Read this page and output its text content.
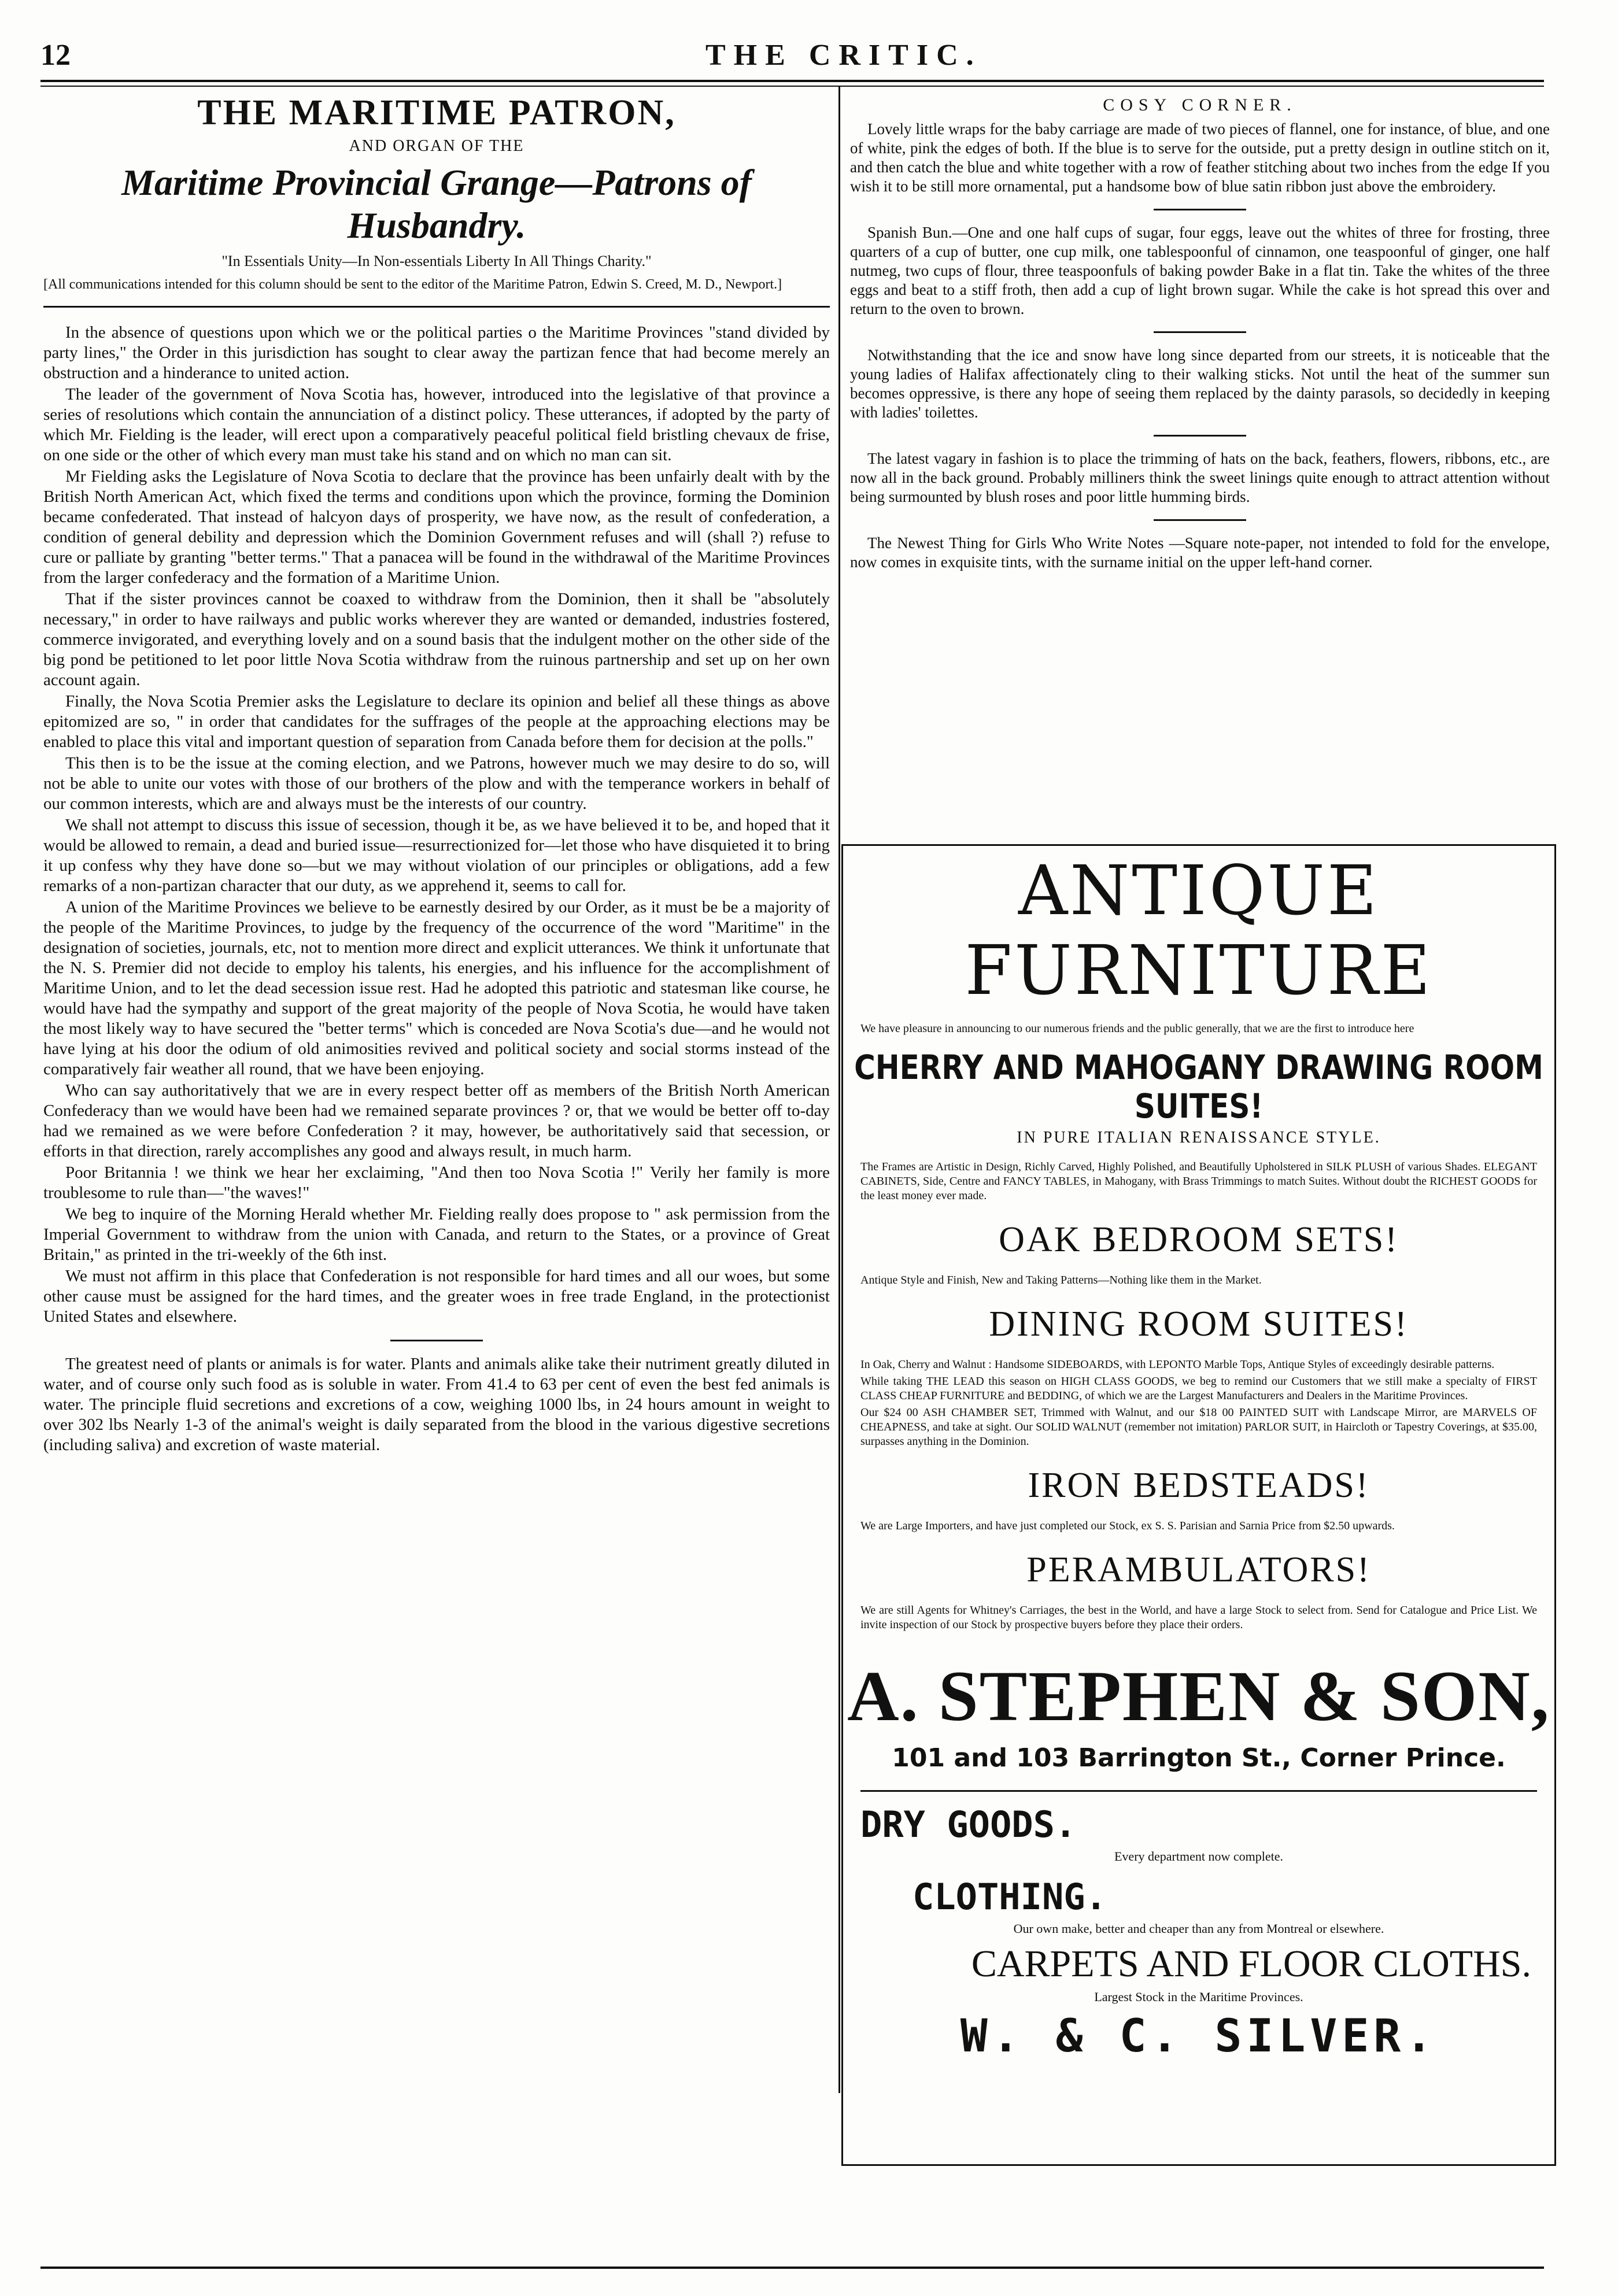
12	THE CRITIC.
THE MARITIME PATRON,
AND ORGAN OF THE
Maritime Provincial Grange—Patrons of Husbandry.
"In Essentials Unity—In Non-essentials Liberty In All Things Charity."
[All communications intended for this column should be sent to the editor of the Maritime Patron, Edwin S. Creed, M. D., Newport.]

In the absence of questions upon which we or the political parties o the Maritime Provinces "stand divided by party lines," the Order in this jurisdiction has sought to clear away the partizan fence that had become merely an obstruction and a hinderance to united action.

The leader of the government of Nova Scotia has, however, introduced into the legislative of that province a series of resolutions which contain the annunciation of a distinct policy. These utterances, if adopted by the party of which Mr. Fielding is the leader, will erect upon a comparatively peaceful political field bristling chevaux de frise, on one side or the other of which every man must take his stand and on which no man can sit.

Mr Fielding asks the Legislature of Nova Scotia to declare that the province has been unfairly dealt with by the British North American Act, which fixed the terms and conditions upon which the province, forming the Dominion became confederated. That instead of halcyon days of prosperity, we have now, as the result of confederation, a condition of general debility and depression which the Dominion Government refuses and will (shall ?) refuse to cure or palliate by granting "better terms." That a panacea will be found in the withdrawal of the Maritime Provinces from the larger confederacy and the formation of a Maritime Union.

That if the sister provinces cannot be coaxed to withdraw from the Dominion, then it shall be "absolutely necessary," in order to have railways and public works wherever they are wanted or demanded, industries fostered, commerce invigorated, and everything lovely and on a sound basis that the indulgent mother on the other side of the big pond be petitioned to let poor little Nova Scotia withdraw from the ruinous partnership and set up on her own account again.

Finally, the Nova Scotia Premier asks the Legislature to declare its opinion and belief all these things as above epitomized are so, " in order that candidates for the suffrages of the people at the approaching elections may be enabled to place this vital and important question of separation from Canada before them for decision at the polls."

This then is to be the issue at the coming election, and we Patrons, however much we may desire to do so, will not be able to unite our votes with those of our brothers of the plow and with the temperance workers in behalf of our common interests, which are and always must be the interests of our country.

We shall not attempt to discuss this issue of secession, though it be, as we have believed it to be, and hoped that it would be allowed to remain, a dead and buried issue—resurrectionized for—let those who have disquieted it to bring it up confess why they have done so—but we may without violation of our principles or obligations, add a few remarks of a non-partizan character that our duty, as we apprehend it, seems to call for.

A union of the Maritime Provinces we believe to be earnestly desired by our Order, as it must be be a majority of the people of the Maritime Provinces, to judge by the frequency of the occurrence of the word "Maritime" in the designation of societies, journals, etc, not to mention more direct and explicit utterances. We think it unfortunate that the N. S. Premier did not decide to employ his talents, his energies, and his influence for the accomplishment of Maritime Union, and to let the dead secession issue rest. Had he adopted this patriotic and statesman like course, he would have had the sympathy and support of the great majority of the people of Nova Scotia, he would have taken the most likely way to have secured the "better terms" which is conceded are Nova Scotia's due—and he would not have lying at his door the odium of old animosities revived and political society and social storms instead of the comparatively fair weather all round, that we have been enjoying.

Who can say authoritatively that we are in every respect better off as members of the British North American Confederacy than we would have been had we remained separate provinces ? or, that we would be better off to-day had we remained as we were before Confederation ? it may, however, be authoritatively said that secession, or efforts in that direction, rarely accomplishes any good and always result, in much harm.

Poor Britannia ! we think we hear her exclaiming, "And then too Nova Scotia !" Verily her family is more troublesome to rule than—"the waves!"

We beg to inquire of the Morning Herald whether Mr. Fielding really does propose to " ask permission from the Imperial Government to withdraw from the union with Canada, and return to the States, or a province of Great Britain," as printed in the tri-weekly of the 6th inst.

We must not affirm in this place that Confederation is not responsible for hard times and all our woes, but some other cause must be assigned for the hard times, and the greater woes in free trade England, in the protectionist United States and elsewhere.

The greatest need of plants or animals is for water. Plants and animals alike take their nutriment greatly diluted in water, and of course only such food as is soluble in water. From 41.4 to 63 per cent of even the best fed animals is water. The principle fluid secretions and excretions of a cow, weighing 1000 lbs, in 24 hours amount in weight to over 302 lbs Nearly 1-3 of the animal's weight is daily separated from the blood in the various digestive secretions (including saliva) and excretion of waste material.

COSY CORNER.

Lovely little wraps for the baby carriage are made of two pieces of flannel, one for instance, of blue, and one of white, pink the edges of both. If the blue is to serve for the outside, put a pretty design in outline stitch on it, and then catch the blue and white together with a row of feather stitching about two inches from the edge If you wish it to be still more ornamental, put a handsome bow of blue satin ribbon just above the embroidery.

Spanish Bun.—One and one half cups of sugar, four eggs, leave out the whites of three for frosting, three quarters of a cup of butter, one cup milk, one tablespoonful of cinnamon, one teaspoonful of ginger, one half nutmeg, two cups of flour, three teaspoonfuls of baking powder Bake in a flat tin. Take the whites of the three eggs and beat to a stiff froth, then add a cup of light brown sugar. While the cake is hot spread this over and return to the oven to brown.

Notwithstanding that the ice and snow have long since departed from our streets, it is noticeable that the young ladies of Halifax affectionately cling to their walking sticks. Not until the heat of the summer sun becomes oppressive, is there any hope of seeing them replaced by the dainty parasols, so decidedly in keeping with ladies' toilettes.

The latest vagary in fashion is to place the trimming of hats on the back, feathers, flowers, ribbons, etc., are now all in the back ground. Probably milliners think the sweet linings quite enough to attract attention without being surmounted by blush roses and poor little humming birds.

The Newest Thing for Girls Who Write Notes —Square note-paper, not intended to fold for the envelope, now comes in exquisite tints, with the surname initial on the upper left-hand corner.

ANTIQUE FURNITURE
We have pleasure in announcing to our numerous friends and the public generally, that we are the first to introduce here
CHERRY AND MAHOGANY DRAWING ROOM SUITES!
IN PURE ITALIAN RENAISSANCE STYLE.
The Frames are Artistic in Design, Richly Carved, Highly Polished, and Beautifully Upholstered in SILK PLUSH of various Shades. ELEGANT CABINETS, Side, Centre and FANCY TABLES, in Mahogany, with Brass Trimmings to match Suites. Without doubt the RICHEST GOODS for the least money ever made.
OAK BEDROOM SETS!
Antique Style and Finish, New and Taking Patterns—Nothing like them in the Market.
DINING ROOM SUITES!
In Oak, Cherry and Walnut : Handsome SIDEBOARDS, with LEPONTO Marble Tops, Antique Styles of exceedingly desirable patterns.
While taking THE LEAD this season on HIGH CLASS GOODS, we beg to remind our Customers that we still make a specialty of FIRST CLASS CHEAP FURNITURE and BEDDING, of which we are the Largest Manufacturers and Dealers in the Maritime Provinces.
Our $24 00 ASH CHAMBER SET, Trimmed with Walnut, and our $18 00 PAINTED SUIT with Landscape Mirror, are MARVELS OF CHEAPNESS, and take at sight. Our SOLID WALNUT (remember not imitation) PARLOR SUIT, in Haircloth or Tapestry Coverings, at $35.00, surpasses anything in the Dominion.
IRON BEDSTEADS!
We are Large Importers, and have just completed our Stock, ex S. S. Parisian and Sarnia Price from $2.50 upwards.
PERAMBULATORS!
We are still Agents for Whitney's Carriages, the best in the World, and have a large Stock to select from. Send for Catalogue and Price List. We invite inspection of our Stock by prospective buyers before they place their orders.
A. STEPHEN & SON,
101 and 103 Barrington St., Corner Prince.
DRY GOODS.
Every department now complete.
CLOTHING.
Our own make, better and cheaper than any from Montreal or elsewhere.
CARPETS AND FLOOR CLOTHS.
Largest Stock in the Maritime Provinces.
W. & C. SILVER.
